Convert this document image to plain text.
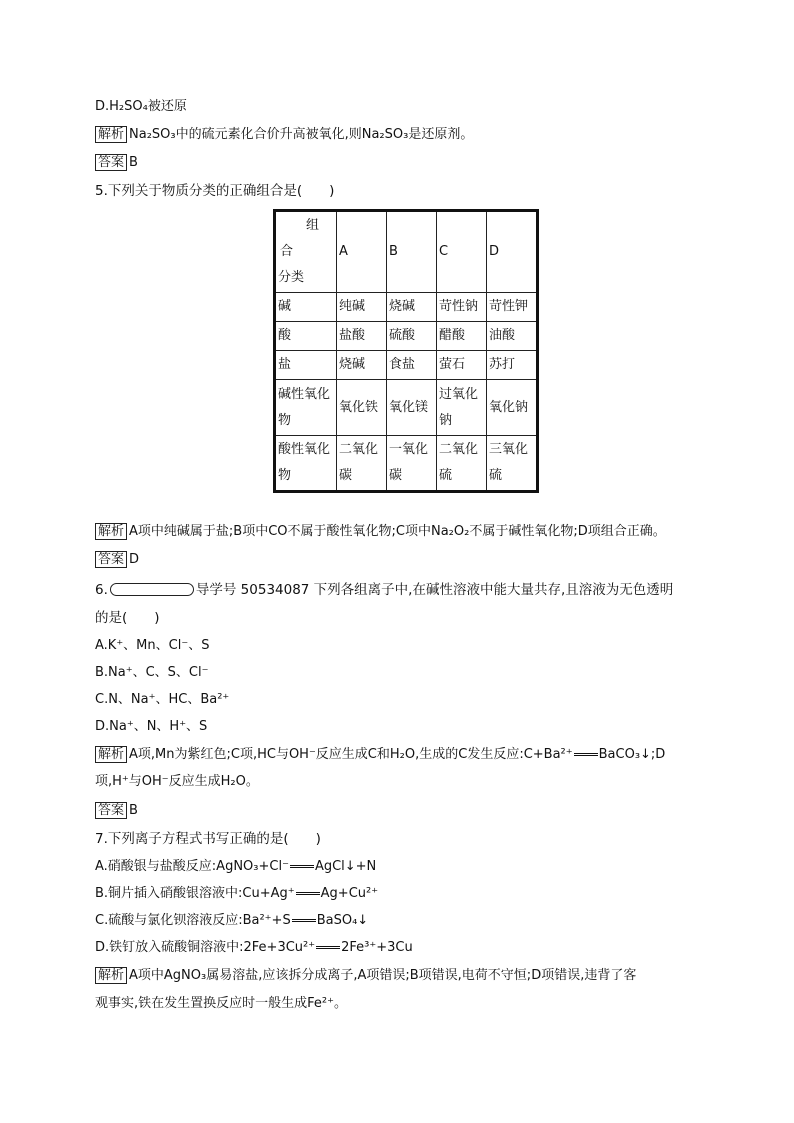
D.H₂SO₄被还原
解析 Na₂SO₃中的硫元素化合价升高被氧化,则Na₂SO₃是还原剂。
答案 B
5.下列关于物质分类的正确组合是(　　)
组
合
分类	A	B	C	D
碱	纯碱	烧碱	苛性钠	苛性钾
酸	盐酸	硫酸	醋酸	油酸
盐	烧碱	食盐	萤石	苏打
碱性氧化物	氧化铁	氧化镁	过氧化钠	氧化钠
酸性氧化物	二氧化碳	一氧化碳	二氧化硫	三氧化硫
解析 A项中纯碱属于盐;B项中CO不属于酸性氧化物;C项中Na₂O₂不属于碱性氧化物;D项组合正确。
答案 D
6.	导学号 50534087 下列各组离子中,在碱性溶液中能大量共存,且溶液为无色透明
的是(　　)
A.K⁺、Mn、Cl⁻、S
B.Na⁺、C、S、Cl⁻
C.N、Na⁺、HC、Ba²⁺
D.Na⁺、N、H⁺、S
解析 A项,Mn为紫红色;C项,HC与OH⁻反应生成C和H₂O,生成的C发生反应:C+Ba²⁺ BaCO₃↓;D
项,H⁺与OH⁻反应生成H₂O。
答案 B
7.下列离子方程式书写正确的是(　　)
A.硝酸银与盐酸反应:AgNO₃+Cl⁻ AgCl↓+N
B.铜片插入硝酸银溶液中:Cu+Ag⁺ Ag+Cu²⁺
C.硫酸与氯化钡溶液反应:Ba²⁺+S BaSO₄↓
D.铁钉放入硫酸铜溶液中:2Fe+3Cu²⁺ 2Fe³⁺+3Cu
解析 A项中AgNO₃属易溶盐,应该拆分成离子,A项错误;B项错误,电荷不守恒;D项错误,违背了客
观事实,铁在发生置换反应时一般生成Fe²⁺。
